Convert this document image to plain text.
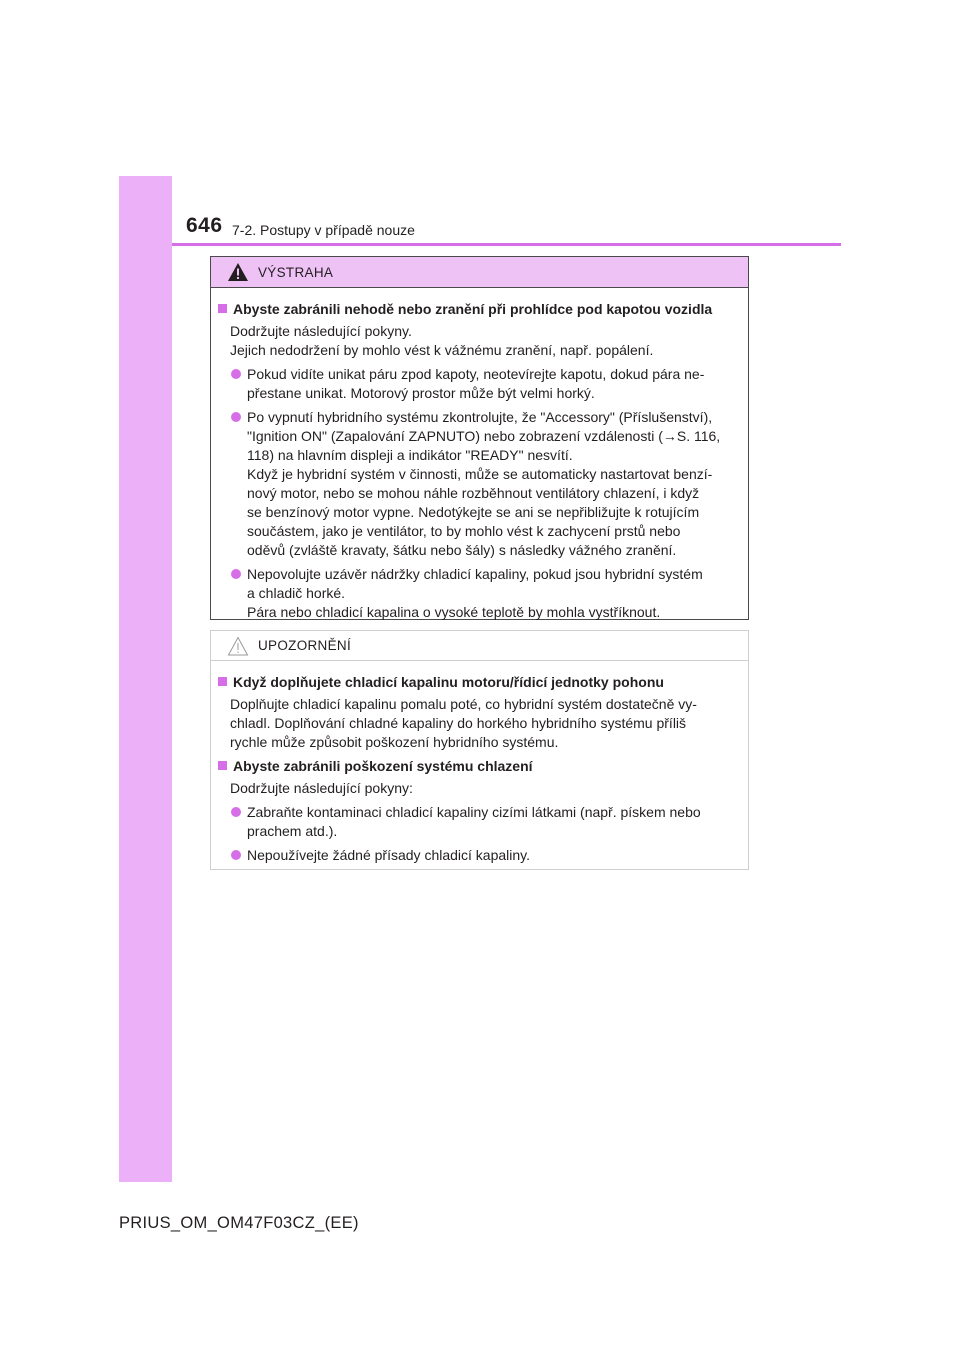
646 7-2. Postupy v případě nouze
VÝSTRAHA
Abyste zabránili nehodě nebo zranění při prohlídce pod kapotou vozidla
Dodržujte následující pokyny.
Jejich nedodržení by mohlo vést k vážnému zranění, např. popálení.
Pokud vidíte unikat páru zpod kapoty, neotevírejte kapotu, dokud pára ne-
přestane unikat. Motorový prostor může být velmi horký.
Po vypnutí hybridního systému zkontrolujte, že "Accessory" (Příslušenství),
"Ignition ON" (Zapalování ZAPNUTO) nebo zobrazení vzdálenosti (→S. 116,
118) na hlavním displeji a indikátor "READY" nesvítí.
Když je hybridní systém v činnosti, může se automaticky nastartovat benzí-
nový motor, nebo se mohou náhle rozběhnout ventilátory chlazení, i když
se benzínový motor vypne. Nedotýkejte se ani se nepřibližujte k rotujícím
součástem, jako je ventilátor, to by mohlo vést k zachycení prstů nebo
oděvů (zvláště kravaty, šátku nebo šály) s následky vážného zranění.
Nepovolujte uzávěr nádržky chladicí kapaliny, pokud jsou hybridní systém
a chladič horké.
Pára nebo chladicí kapalina o vysoké teplotě by mohla vystříknout.
UPOZORNĚNÍ
Když doplňujete chladicí kapalinu motoru/řídicí jednotky pohonu
Doplňujte chladicí kapalinu pomalu poté, co hybridní systém dostatečně vy-
chladl. Doplňování chladné kapaliny do horkého hybridního systému příliš
rychle může způsobit poškození hybridního systému.
Abyste zabránili poškození systému chlazení
Dodržujte následující pokyny:
Zabraňte kontaminaci chladicí kapaliny cizími látkami (např. pískem nebo
prachem atd.).
Nepoužívejte žádné přísady chladicí kapaliny.
PRIUS_OM_OM47F03CZ_(EE)
